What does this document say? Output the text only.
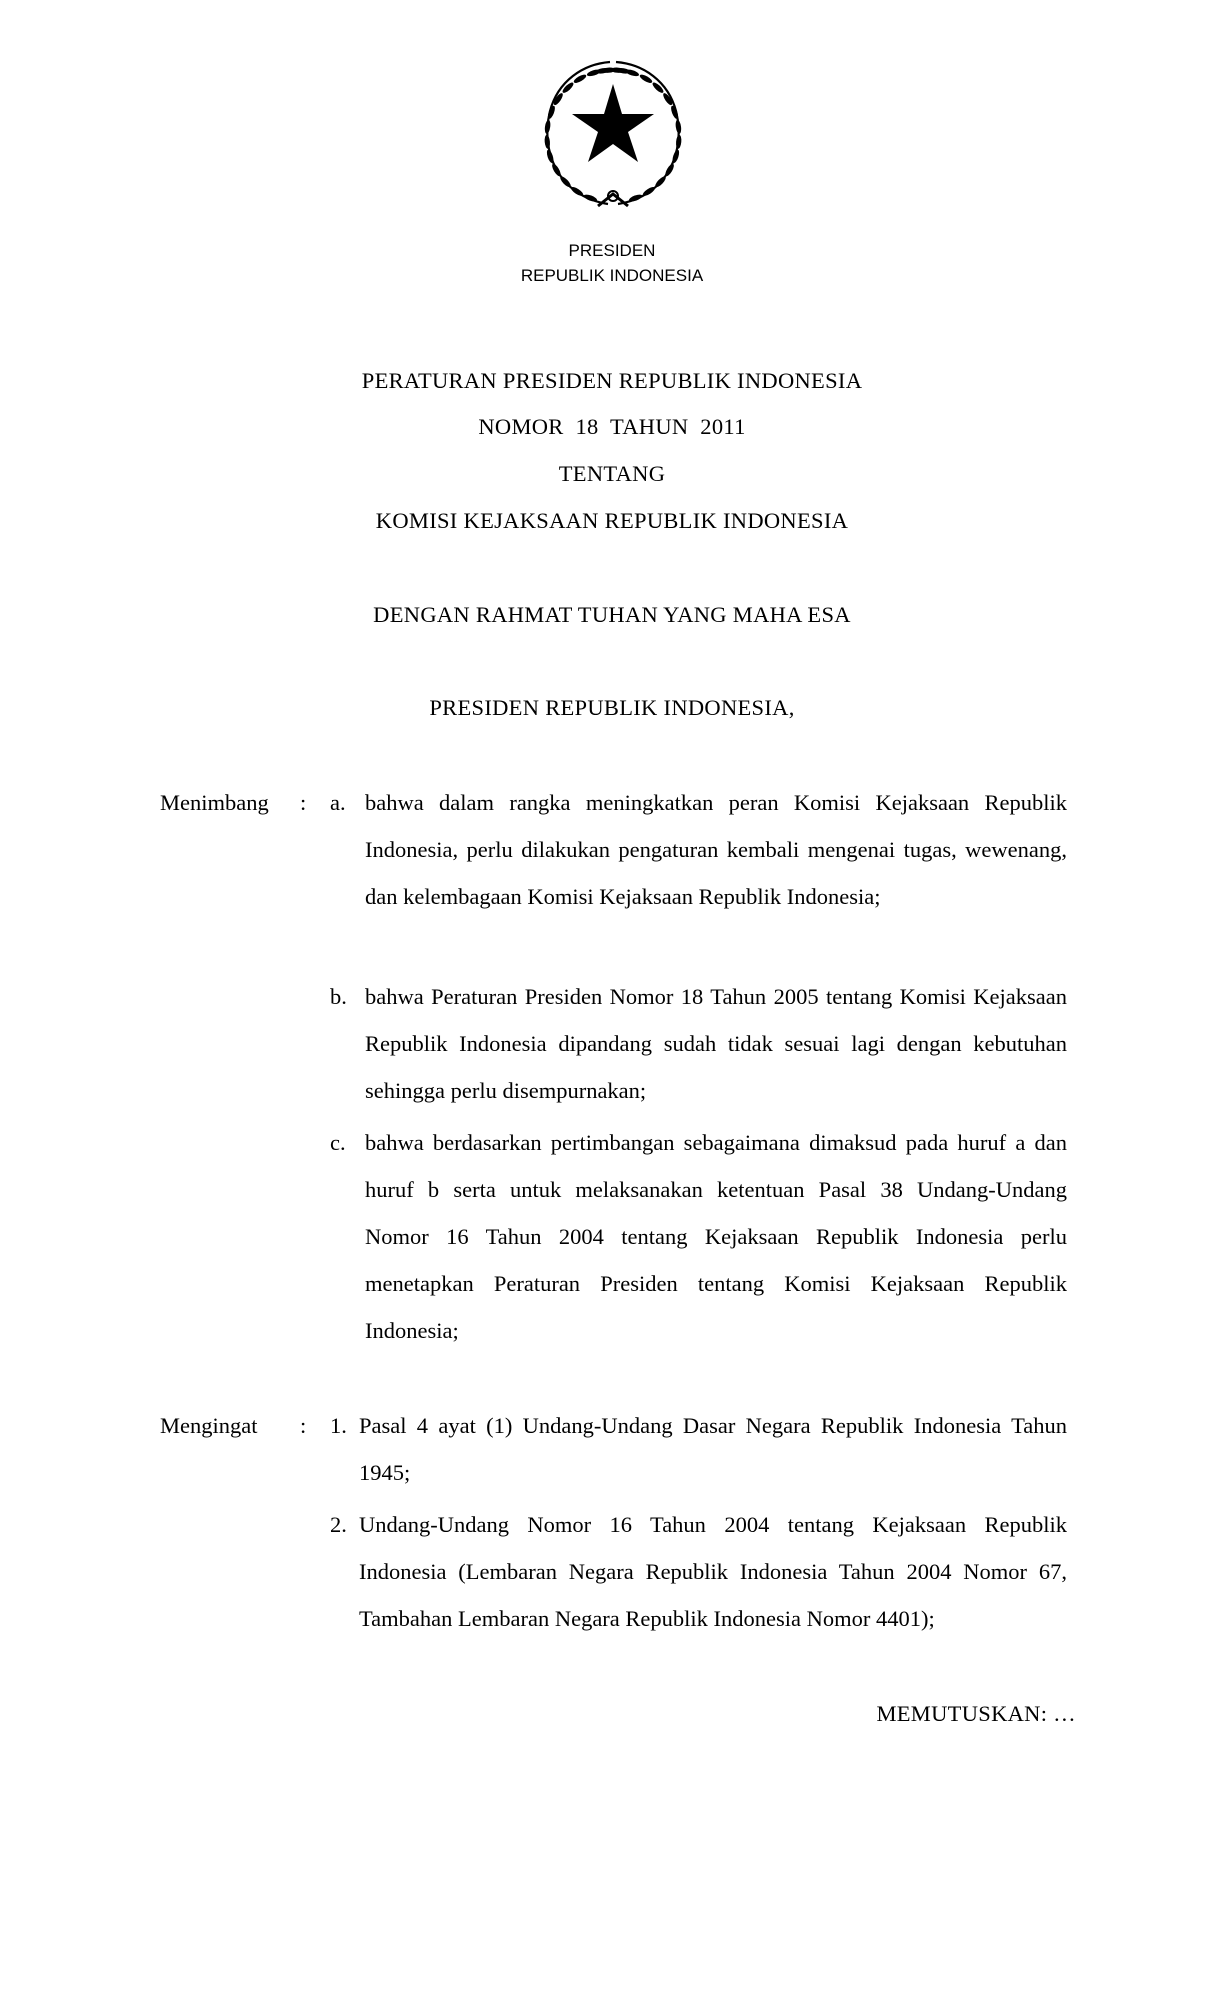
PRESIDEN
REPUBLIK INDONESIA
PERATURAN PRESIDEN REPUBLIK INDONESIA
NOMOR  18  TAHUN  2011
TENTANG
KOMISI KEJAKSAAN REPUBLIK INDONESIA
DENGAN RAHMAT TUHAN YANG MAHA ESA
PRESIDEN REPUBLIK INDONESIA,
Menimbang : a. bahwa dalam rangka meningkatkan peran Komisi Kejaksaan Republik Indonesia, perlu dilakukan pengaturan kembali mengenai tugas, wewenang, dan kelembagaan Komisi Kejaksaan Republik Indonesia;
b. bahwa Peraturan Presiden Nomor 18 Tahun 2005 tentang Komisi Kejaksaan Republik Indonesia dipandang sudah tidak sesuai lagi dengan kebutuhan sehingga perlu disempurnakan;
c. bahwa berdasarkan pertimbangan sebagaimana dimaksud pada huruf a dan huruf b serta untuk melaksanakan ketentuan Pasal 38 Undang-Undang Nomor 16 Tahun 2004 tentang Kejaksaan Republik Indonesia perlu menetapkan Peraturan Presiden tentang Komisi Kejaksaan Republik Indonesia;
Mengingat : 1. Pasal 4 ayat (1) Undang-Undang Dasar Negara Republik Indonesia Tahun 1945;
2. Undang-Undang Nomor 16 Tahun 2004 tentang Kejaksaan Republik Indonesia (Lembaran Negara Republik Indonesia Tahun 2004 Nomor 67, Tambahan Lembaran Negara Republik Indonesia Nomor 4401);
MEMUTUSKAN: …
